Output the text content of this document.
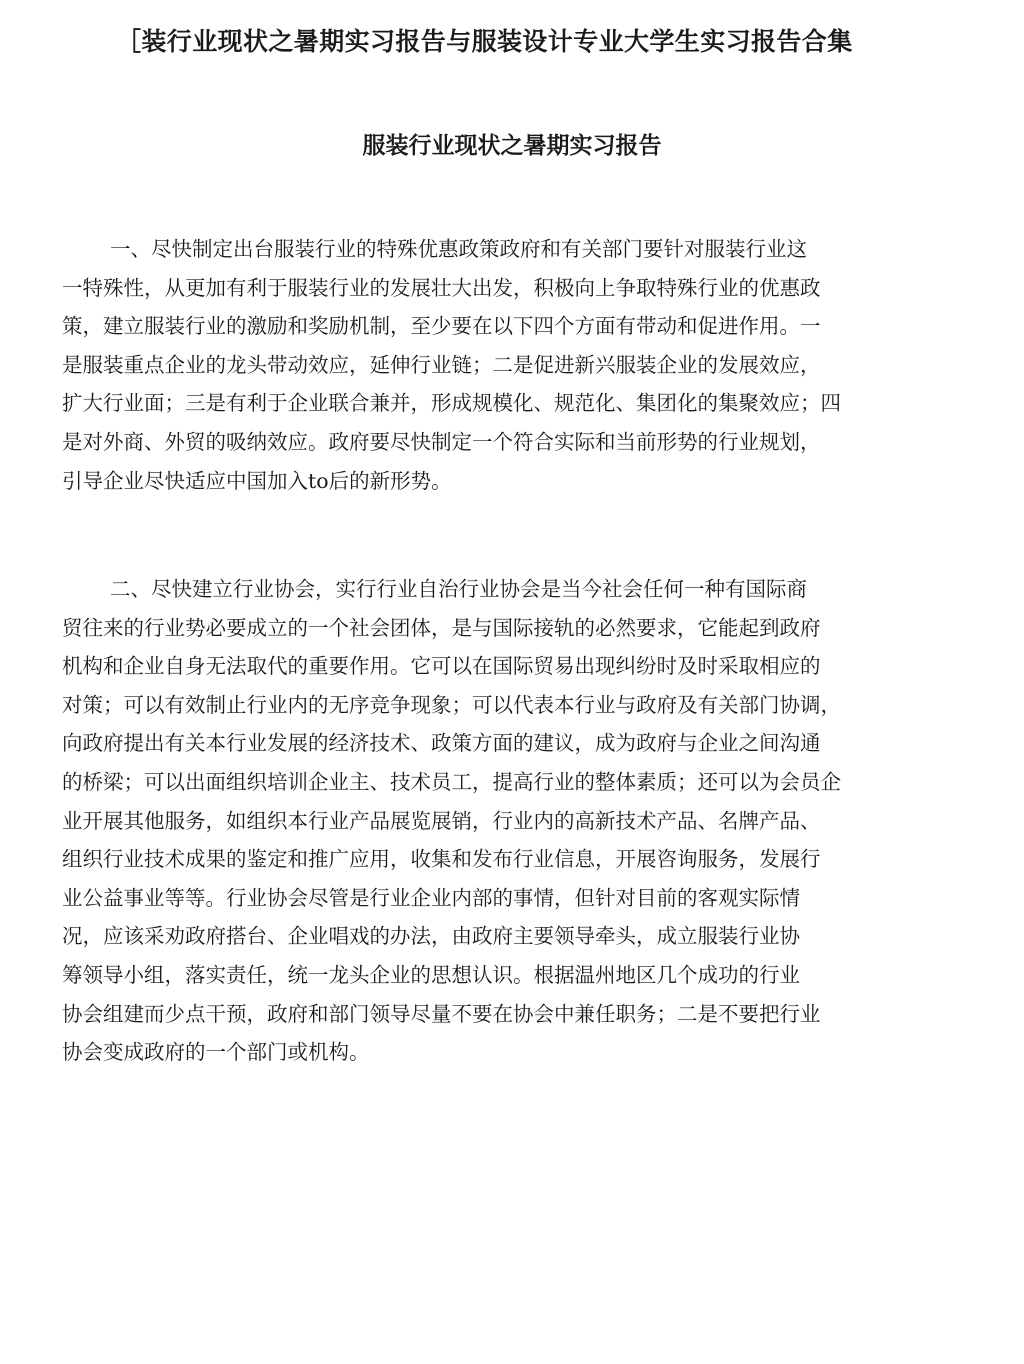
［装行业现状之暑期实习报告与服装设计专业大学生实习报告合集
服装行业现状之暑期实习报告
一、尽快制定出台服装行业的特殊优惠政策政府和有关部门要针对服装行业这
一特殊性，从更加有利于服装行业的发展壮大出发，积极向上争取特殊行业的优惠政
策，建立服装行业的激励和奖励机制，至少要在以下四个方面有带动和促进作用。一
是服装重点企业的龙头带动效应，延伸行业链；二是促进新兴服装企业的发展效应，
扩大行业面；三是有利于企业联合兼并，形成规模化、规范化、集团化的集聚效应；四
是对外商、外贸的吸纳效应。政府要尽快制定一个符合实际和当前形势的行业规划，
引导企业尽快适应中国加入to后的新形势。
二、尽快建立行业协会，实行行业自治行业协会是当今社会任何一种有国际商
贸往来的行业势必要成立的一个社会团体，是与国际接轨的必然要求，它能起到政府
机构和企业自身无法取代的重要作用。它可以在国际贸易出现纠纷时及时采取相应的
对策；可以有效制止行业内的无序竞争现象；可以代表本行业与政府及有关部门协调，
向政府提出有关本行业发展的经济技术、政策方面的建议，成为政府与企业之间沟通
的桥梁；可以出面组织培训企业主、技术员工，提高行业的整体素质；还可以为会员企
业开展其他服务，如组织本行业产品展览展销，行业内的高新技术产品、名牌产品、
组织行业技术成果的鉴定和推广应用，收集和发布行业信息，开展咨询服务，发展行
业公益事业等等。行业协会尽管是行业企业内部的事情，但针对目前的客观实际情
况，应该采劝政府搭台、企业唱戏的办法，由政府主要领导牵头，成立服装行业协
筹领导小组，落实责任，统一龙头企业的思想认识。根据温州地区几个成功的行业
协会组建而少点干预，政府和部门领导尽量不要在协会中兼任职务；二是不要把行业
协会变成政府的一个部门或机构。
